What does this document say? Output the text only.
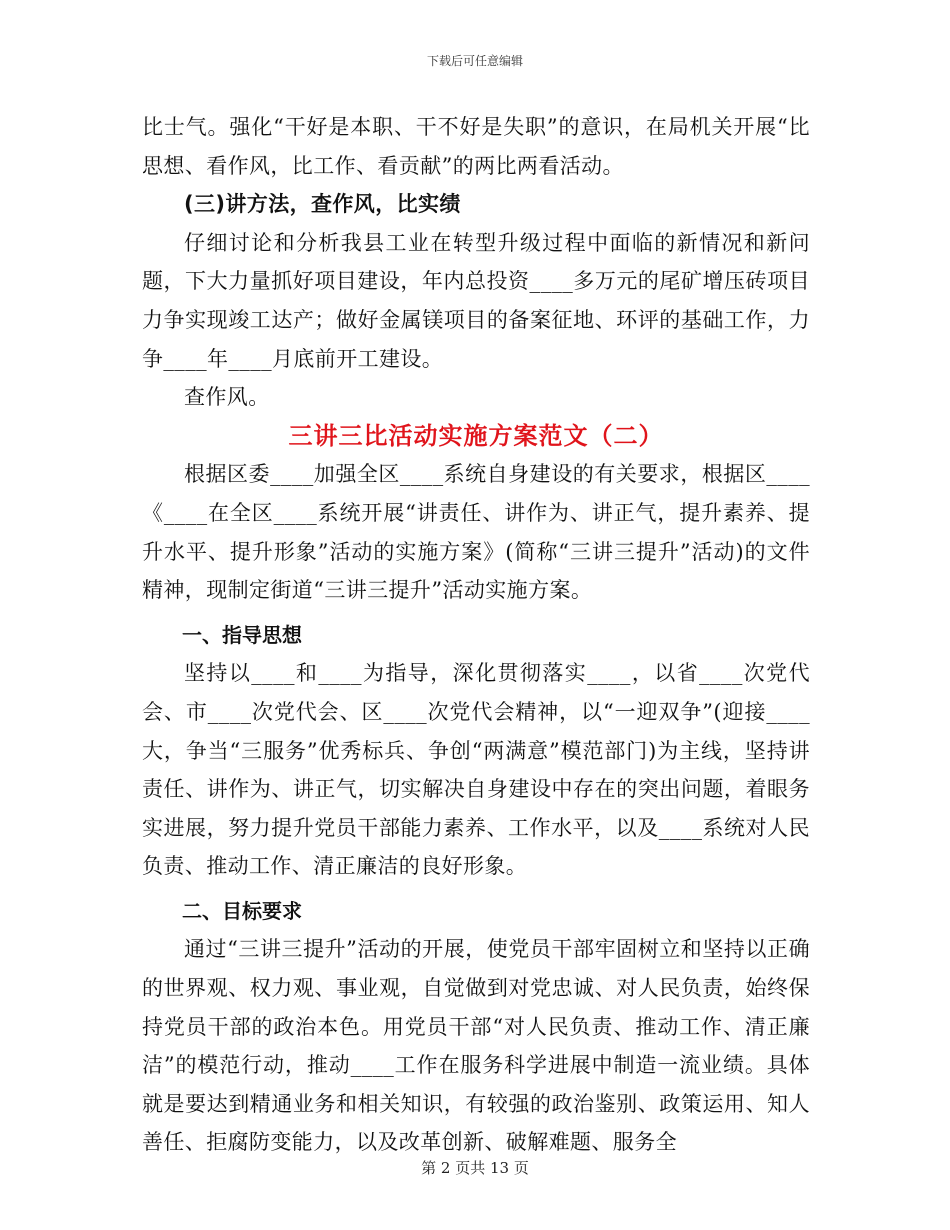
下载后可任意编辑

比士气。强化“干好是本职、干不好是失职”的意识，在局机关开展“比思想、看作风，比工作、看贡献”的两比两看活动。

(三)讲方法，查作风，比实绩

仔细讨论和分析我县工业在转型升级过程中面临的新情况和新问题，下大力量抓好项目建设，年内总投资____多万元的尾矿增压砖项目力争实现竣工达产；做好金属镁项目的备案征地、环评的基础工作，力争____年____月底前开工建设。

查作风。

三讲三比活动实施方案范文（二）

根据区委____加强全区____系统自身建设的有关要求，根据区____《____在全区____系统开展“讲责任、讲作为、讲正气，提升素养、提升水平、提升形象”活动的实施方案》(简称“三讲三提升”活动)的文件精神，现制定街道“三讲三提升”活动实施方案。

一、指导思想

坚持以____和____为指导，深化贯彻落实____，以省____次党代会、市____次党代会、区____次党代会精神，以“一迎双争”(迎接____大，争当“三服务”优秀标兵、争创“两满意”模范部门)为主线，坚持讲责任、讲作为、讲正气，切实解决自身建设中存在的突出问题，着眼务实进展，努力提升党员干部能力素养、工作水平，以及____系统对人民负责、推动工作、清正廉洁的良好形象。

二、目标要求

通过“三讲三提升”活动的开展，使党员干部牢固树立和坚持以正确的世界观、权力观、事业观，自觉做到对党忠诚、对人民负责，始终保持党员干部的政治本色。用党员干部“对人民负责、推动工作、清正廉洁”的模范行动，推动____工作在服务科学进展中制造一流业绩。具体就是要达到精通业务和相关知识，有较强的政治鉴别、政策运用、知人善任、拒腐防变能力，以及改革创新、破解难题、服务全

第 2 页共 13 页
